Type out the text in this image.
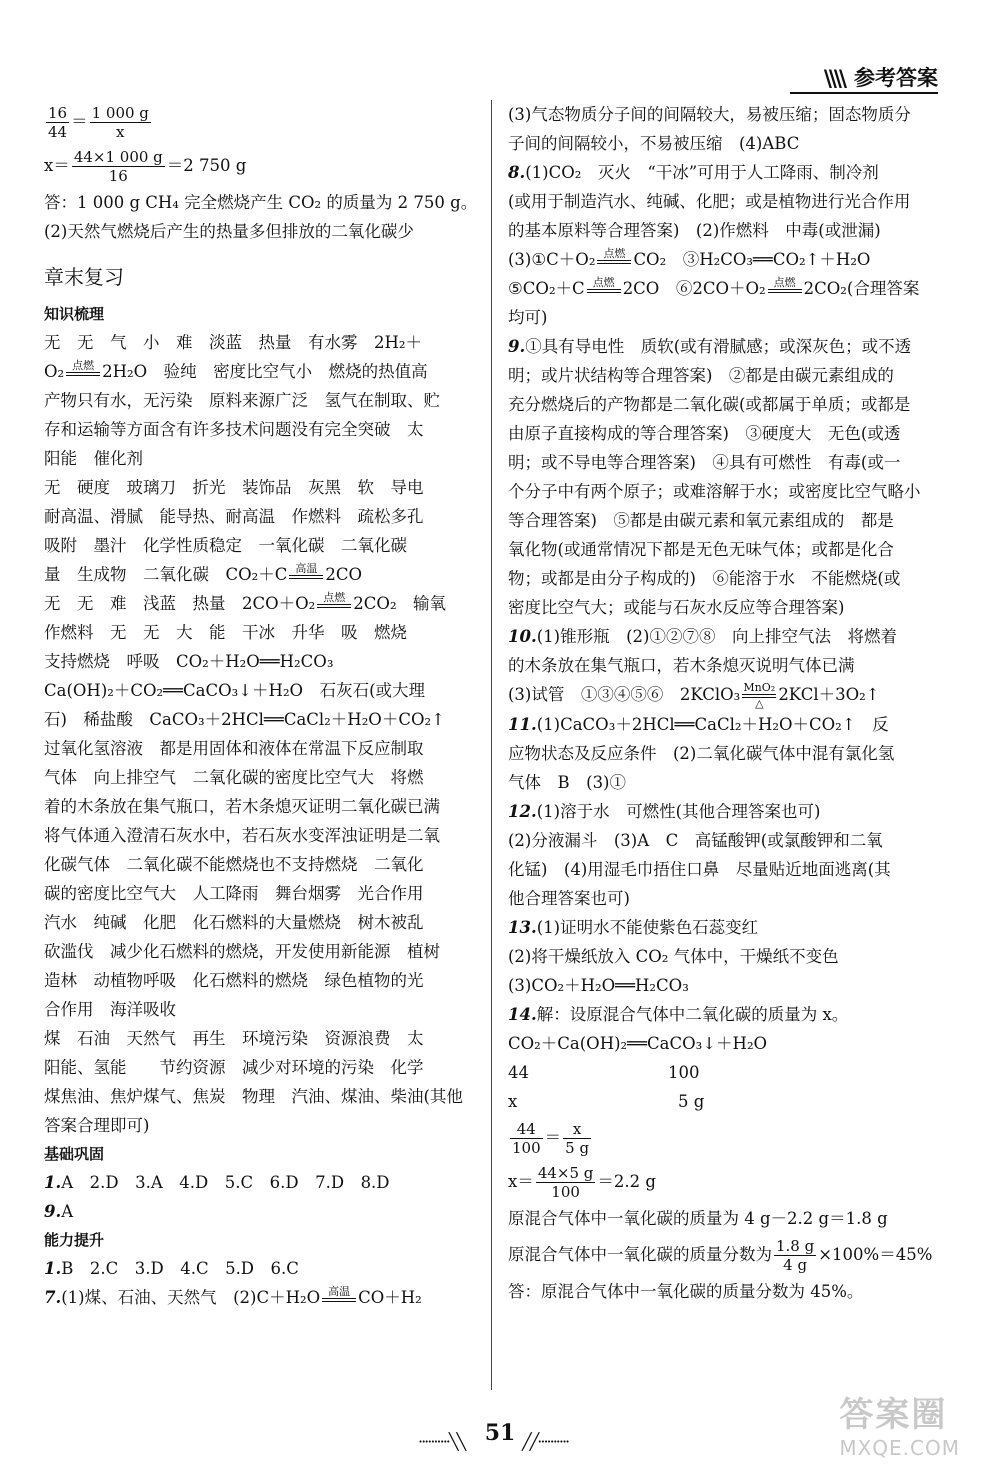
\\\\ 参考答案
$\frac{16}{44} = \frac{1 000 g}{x}$
$x= \frac{44\times 1 000 g}{16} =2$ 750 g
答：1 000 g CH₄ 完全燃烧产生 CO₂ 的质量为 2 750 g。
(2)天然气燃烧后产生的热量多但排放的二氧化碳少
章末复习
知识梳理
无　无　气　小　难　淡蓝　热量　有水雾　2H₂＋
O₂ 点燃 2H₂O　验纯　密度比空气小　燃烧的热值高
产物只有水，无污染　原料来源广泛　氢气在制取、贮
存和运输等方面含有许多技术问题没有完全突破　太
阳能　催化剂
无　硬度　玻璃刀　折光　装饰品　灰黑　软　导电
耐高温、滑腻　能导热、耐高温　作燃料　疏松多孔
吸附　墨汁　化学性质稳定　一氧化碳　二氧化碳
量　生成物　二氧化碳　CO₂＋C 高温 2CO
无　无　难　浅蓝　热量　2CO＋O₂ 点燃 2CO₂　输氧
作燃料　无　无　大　能　干冰　升华　吸　燃烧
支持燃烧　呼吸　CO₂＋H₂O══H₂CO₃
Ca(OH)₂＋CO₂══CaCO₃↓＋H₂O　石灰石(或大理
石)　稀盐酸　CaCO₃＋2HCl══CaCl₂＋H₂O＋CO₂↑
过氧化氢溶液　都是用固体和液体在常温下反应制取
气体　向上排空气　二氧化碳的密度比空气大　将燃
着的木条放在集气瓶口，若木条熄灭证明二氧化碳已满
将气体通入澄清石灰水中，若石灰水变浑浊证明是二氧
化碳气体　二氧化碳不能燃烧也不支持燃烧　二氧化
碳的密度比空气大　人工降雨　舞台烟雾　光合作用
汽水　纯碱　化肥　化石燃料的大量燃烧　树木被乱
砍滥伐　减少化石燃料的燃烧，开发使用新能源　植树
造林　动植物呼吸　化石燃料的燃烧　绿色植物的光
合作用　海洋吸收
煤　石油　天然气　再生　环境污染　资源浪费　太
阳能、氢能　　节约资源　减少对环境的污染　化学
煤焦油、焦炉煤气、焦炭　物理　汽油、煤油、柴油(其他
答案合理即可)
基础巩固
1.A　2.D　3.A　4.D　5.C　6.D　7.D　8.D
9.A
能力提升
1.B　2.C　3.D　4.C　5.D　6.C
7.(1)煤、石油、天然气　(2)C＋H₂O 高温 CO＋H₂
(3)气态物质分子间的间隔较大，易被压缩；固态物质分
子间的间隔较小，不易被压缩　(4)ABC
8.(1)CO₂　灭火　“干冰”可用于人工降雨、制冷剂
(或用于制造汽水、纯碱、化肥；或是植物进行光合作用
的基本原料等合理答案)　(2)作燃料　中毒(或泄漏)
(3)①C＋O₂ 点燃 CO₂　③H₂CO₃══CO₂↑＋H₂O
⑤CO₂＋C 点燃 2CO　⑥2CO＋O₂ 点燃 2CO₂(合理答案
均可)
9.①具有导电性　质软(或有滑腻感；或深灰色；或不透
明；或片状结构等合理答案)　②都是由碳元素组成的
充分燃烧后的产物都是二氧化碳(或都属于单质；或都是
由原子直接构成的等合理答案)　③硬度大　无色(或透
明；或不导电等合理答案)　④具有可燃性　有毒(或一
个分子中有两个原子；或难溶解于水；或密度比空气略小
等合理答案)　⑤都是由碳元素和氧元素组成的　都是
氧化物(或通常情况下都是无色无味气体；或都是化合
物；或都是由分子构成的)　⑥能溶于水　不能燃烧(或
密度比空气大；或能与石灰水反应等合理答案)
10.(1)锥形瓶　(2)①②⑦⑧　向上排空气法　将燃着
的木条放在集气瓶口，若木条熄灭说明气体已满
(3)试管　①③④⑤⑥　2KClO₃ MnO₂
△ 2KCl＋3O₂↑
11.(1)CaCO₃＋2HCl══CaCl₂＋H₂O＋CO₂↑　反
应物状态及反应条件　(2)二氧化碳气体中混有氯化氢
气体　B　(3)①
12.(1)溶于水　可燃性(其他合理答案也可)
(2)分液漏斗　(3)A　C　高锰酸钾(或氯酸钾和二氧
化锰)　(4)用湿毛巾捂住口鼻　尽量贴近地面逃离(其
他合理答案也可)
13.(1)证明水不能使紫色石蕊变红
(2)将干燥纸放入 CO₂ 气体中，干燥纸不变色
(3)CO₂＋H₂O══H₂CO₃
14.解：设原混合气体中二氧化碳的质量为 x。
CO₂＋Ca(OH)₂══CaCO₃↓＋H₂O
44	100
x	5 g
$\frac{44}{100} = \frac{x}{5 g}$
$x= \frac{44\times 5 g}{100} =2.2$ g
原混合气体中一氧化碳的质量为 4 g－2.2 g＝1.8 g
原混合气体中一氧化碳的质量分数为 $\frac{1.8 g}{4 g} \times 100\%=45\%$
答：原混合气体中一氧化碳的质量分数为 45%。
··········╲╲ 51 ╱╱··········
答案圈
MXQE.COM
